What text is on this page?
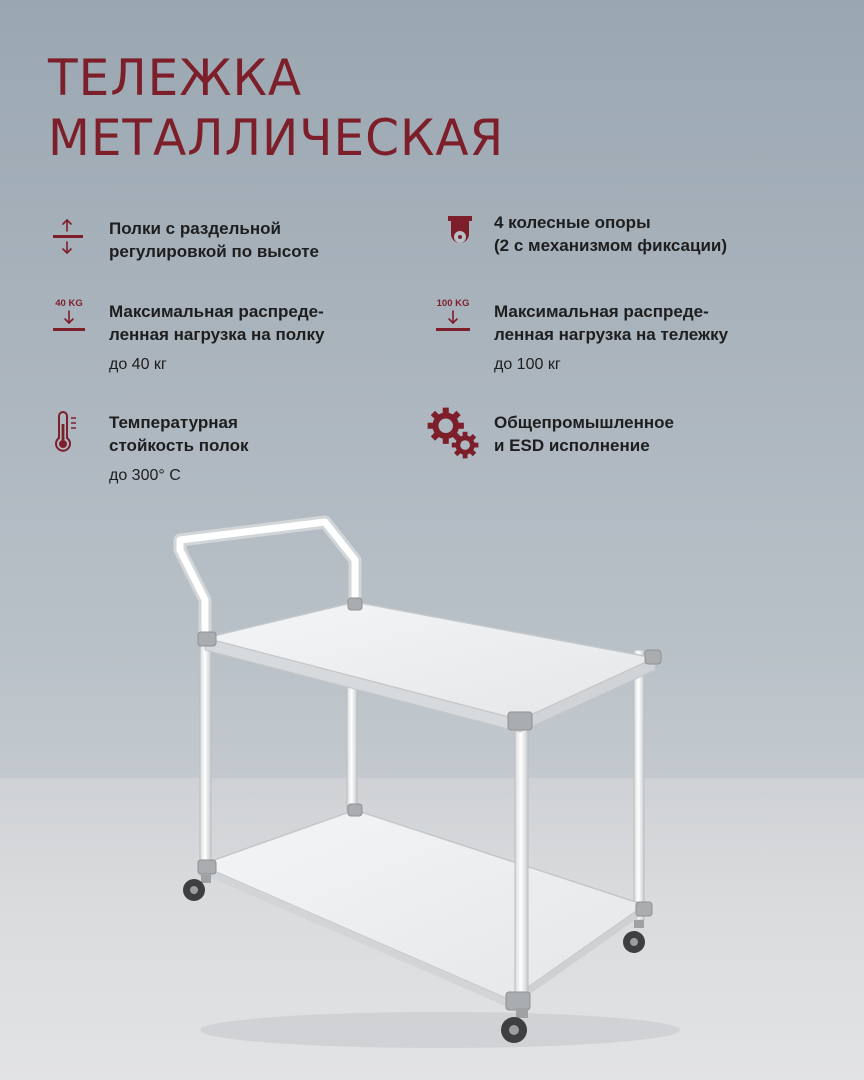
ТЕЛЕЖКА
МЕТАЛЛИЧЕСКАЯ
Полки с раздельной
регулировкой по высоте
4 колесные опоры
(2 с механизмом фиксации)
40 KG Максимальная распреде-
ленная нагрузка на полку
до 40 кг
100 KG Максимальная распреде-
ленная нагрузка на тележку
до 100 кг
Температурная
стойкость полок
до 300° С
Общепромышленное
и ESD исполнение
